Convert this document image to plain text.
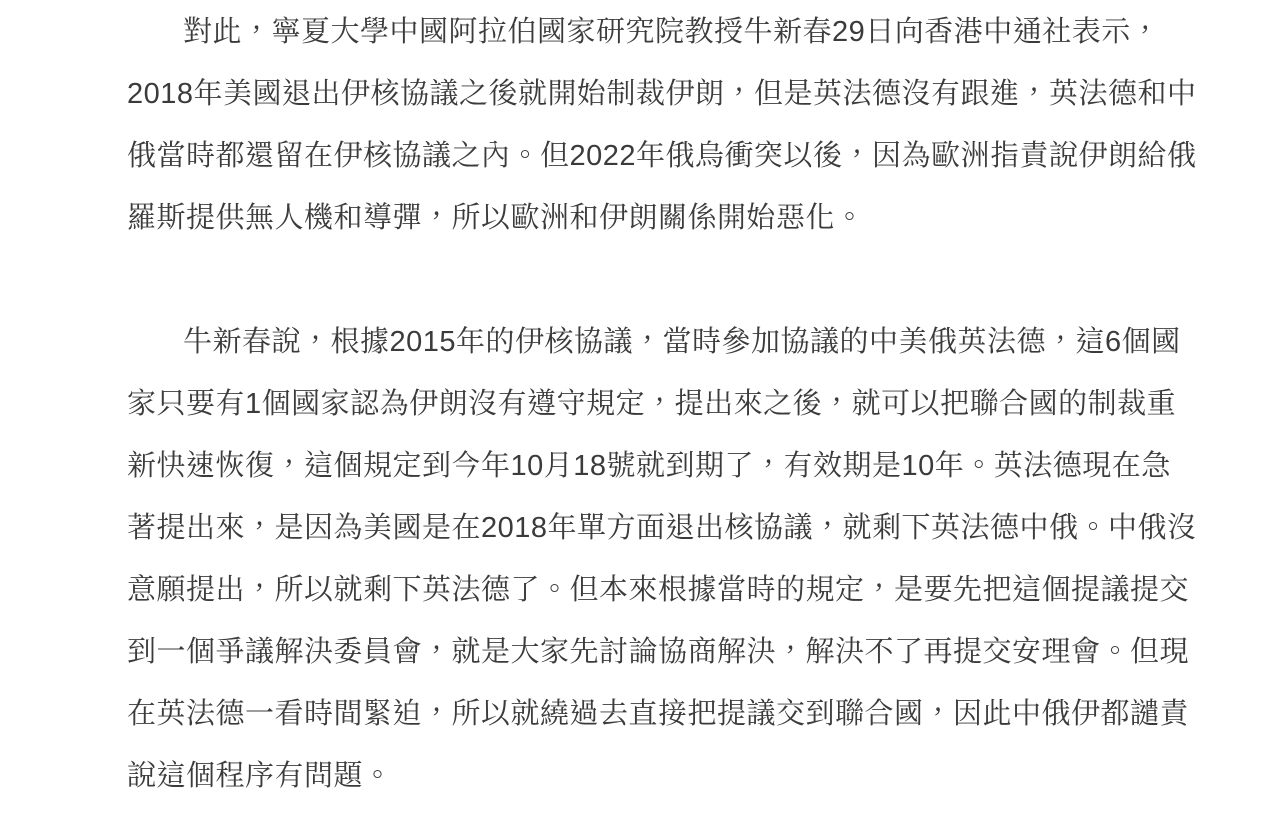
對此，寧夏大學中國阿拉伯國家研究院教授牛新春29日向香港中通社表示，
2018年美國退出伊核協議之後就開始制裁伊朗，但是英法德沒有跟進，英法德和中
俄當時都還留在伊核協議之內。但2022年俄烏衝突以後，因為歐洲指責說伊朗給俄
羅斯提供無人機和導彈，所以歐洲和伊朗關係開始惡化。

牛新春說，根據2015年的伊核協議，當時參加協議的中美俄英法德，這6個國
家只要有1個國家認為伊朗沒有遵守規定，提出來之後，就可以把聯合國的制裁重
新快速恢復，這個規定到今年10月18號就到期了，有效期是10年。英法德現在急
著提出來，是因為美國是在2018年單方面退出核協議，就剩下英法德中俄。中俄沒
意願提出，所以就剩下英法德了。但本來根據當時的規定，是要先把這個提議提交
到一個爭議解決委員會，就是大家先討論協商解決，解決不了再提交安理會。但現
在英法德一看時間緊迫，所以就繞過去直接把提議交到聯合國，因此中俄伊都譴責
說這個程序有問題。
